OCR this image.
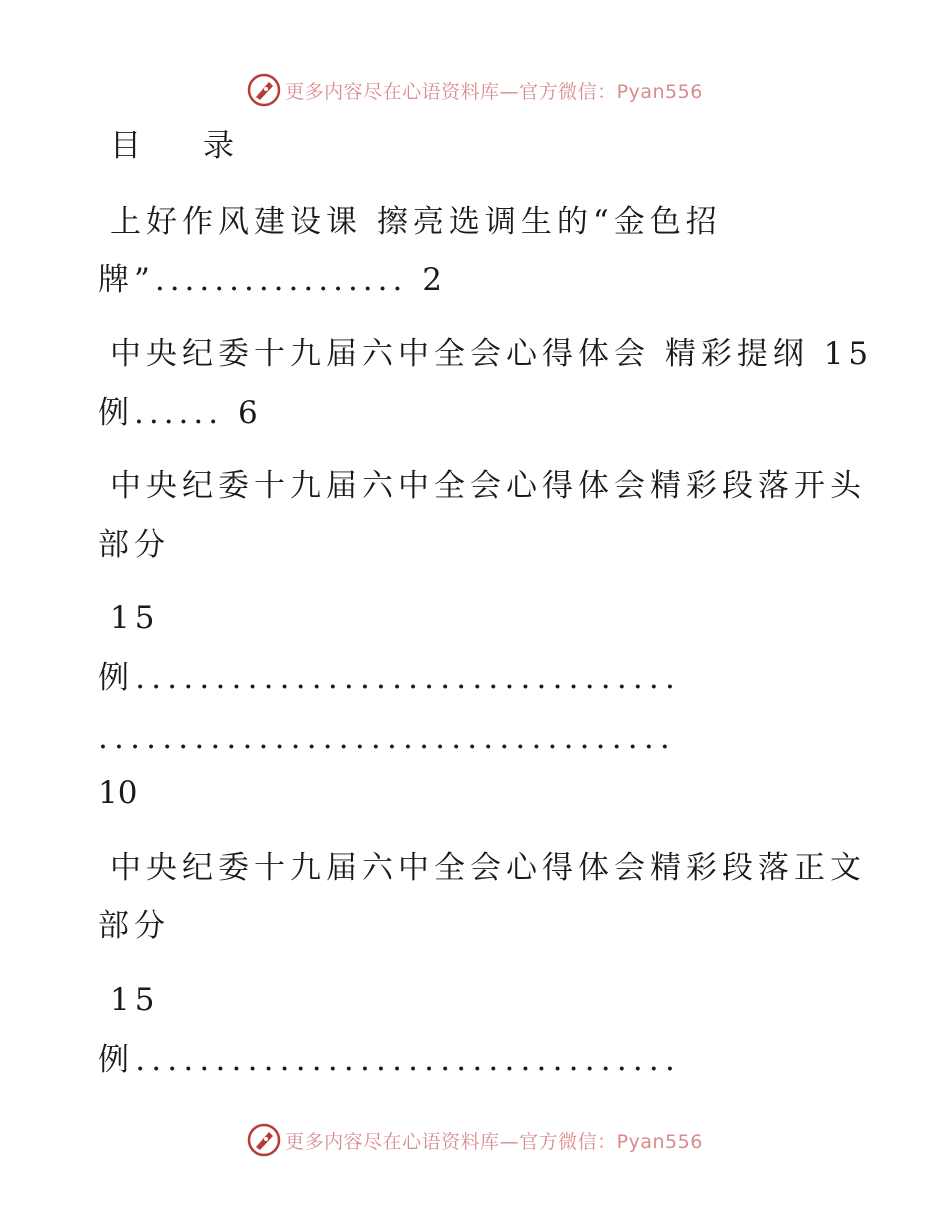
更多内容尽在心语资料库—官方微信：Pyan556
目　　录
上好作风建设课 擦亮选调生的“金色招
牌”................. 2
中央纪委十九届六中全会心得体会 精彩提纲 15
例...... 6
中央纪委十九届六中全会心得体会精彩段落开头
部分
15
例..................................
....................................
10
中央纪委十九届六中全会心得体会精彩段落正文
部分
15
例..................................
更多内容尽在心语资料库—官方微信：Pyan556
